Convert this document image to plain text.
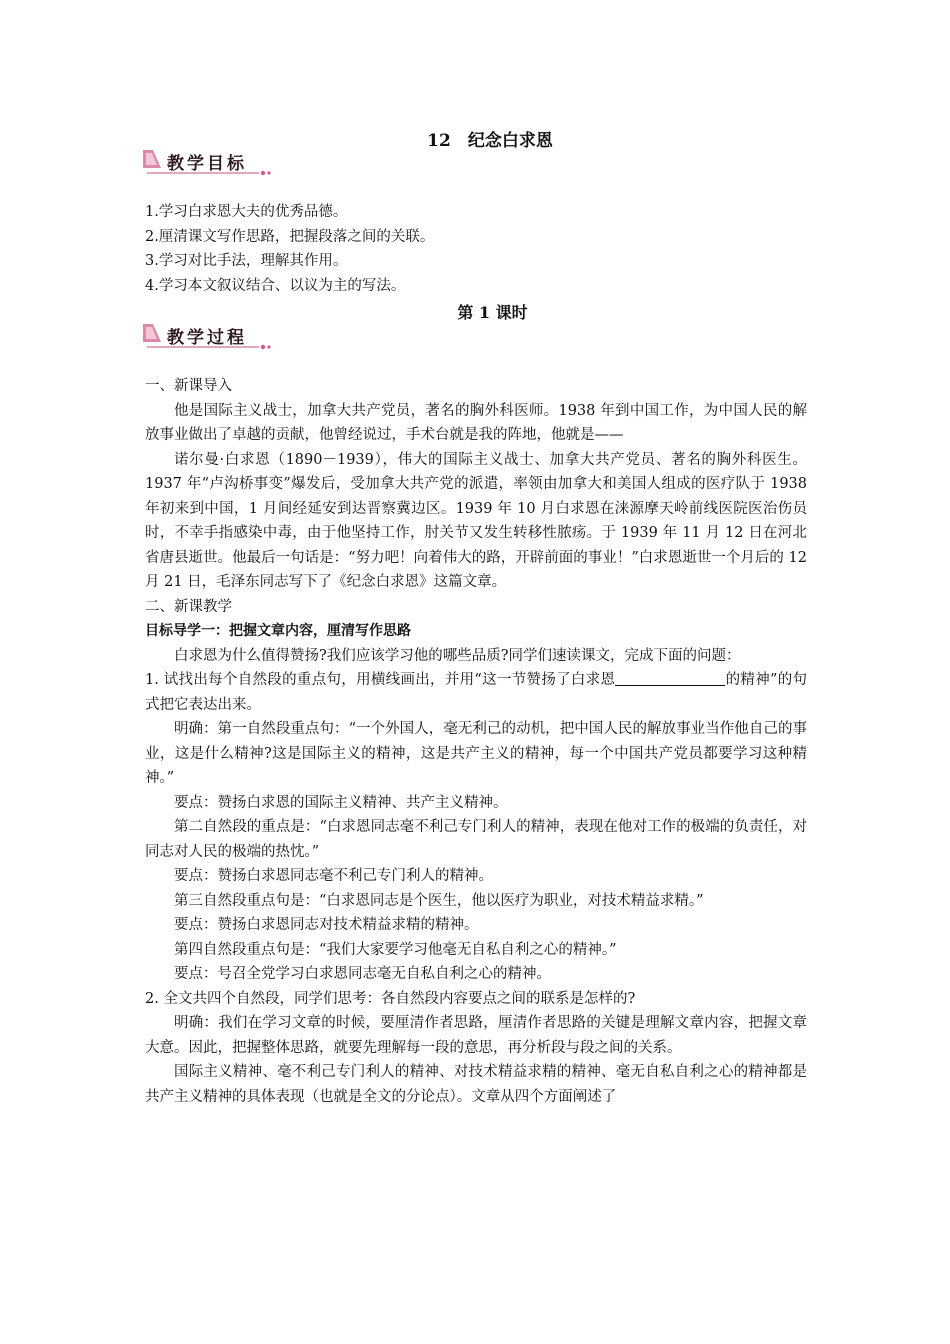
12　纪念白求恩
教学目标

1.学习白求恩大夫的优秀品德。

2.厘清课文写作思路，把握段落之间的关联。

3.学习对比手法，理解其作用。

4.学习本文叙议结合、以议为主的写法。

第 1 课时
教学过程

一、新课导入

他是国际主义战士，加拿大共产党员，著名的胸外科医师。1938 年到中国工作，为中国人民的解放事业做出了卓越的贡献，他曾经说过，手术台就是我的阵地，他就是——

诺尔曼·白求恩（1890－1939），伟大的国际主义战士、加拿大共产党员、著名的胸外科医生。1937 年“卢沟桥事变”爆发后，受加拿大共产党的派遣，率领由加拿大和美国人组成的医疗队于 1938 年初来到中国，1 月间经延安到达晋察冀边区。1939 年 10 月白求恩在涞源摩天岭前线医院医治伤员时，不幸手指感染中毒，由于他坚持工作，肘关节又发生转移性脓疡。于 1939 年 11 月 12 日在河北省唐县逝世。他最后一句话是：“努力吧！向着伟大的路，开辟前面的事业！”白求恩逝世一个月后的 12 月 21 日，毛泽东同志写下了《纪念白求恩》这篇文章。

二、新课教学

目标导学一：把握文章内容，厘清写作思路

白求恩为什么值得赞扬?我们应该学习他的哪些品质?同学们速读课文，完成下面的问题：

1. 试找出每个自然段的重点句，用横线画出，并用“这一节赞扬了白求恩	的精神”的句式把它表达出来。

明确：第一自然段重点句：“一个外国人，毫无利己的动机，把中国人民的解放事业当作他自己的事业，这是什么精神?这是国际主义的精神，这是共产主义的精神，每一个中国共产党员都要学习这种精神。”

要点：赞扬白求恩的国际主义精神、共产主义精神。

第二自然段的重点是：“白求恩同志毫不利己专门利人的精神，表现在他对工作的极端的负责任，对同志对人民的极端的热忱。”

要点：赞扬白求恩同志毫不利己专门利人的精神。

第三自然段重点句是：“白求恩同志是个医生，他以医疗为职业，对技术精益求精。”

要点：赞扬白求恩同志对技术精益求精的精神。

第四自然段重点句是：“我们大家要学习他毫无自私自利之心的精神。”

要点：号召全党学习白求恩同志毫无自私自利之心的精神。

2. 全文共四个自然段，同学们思考：各自然段内容要点之间的联系是怎样的?

明确：我们在学习文章的时候，要厘清作者思路，厘清作者思路的关键是理解文章内容，把握文章大意。因此，把握整体思路，就要先理解每一段的意思，再分析段与段之间的关系。

国际主义精神、毫不利己专门利人的精神、对技术精益求精的精神、毫无自私自利之心的精神都是共产主义精神的具体表现（也就是全文的分论点）。文章从四个方面阐述了
